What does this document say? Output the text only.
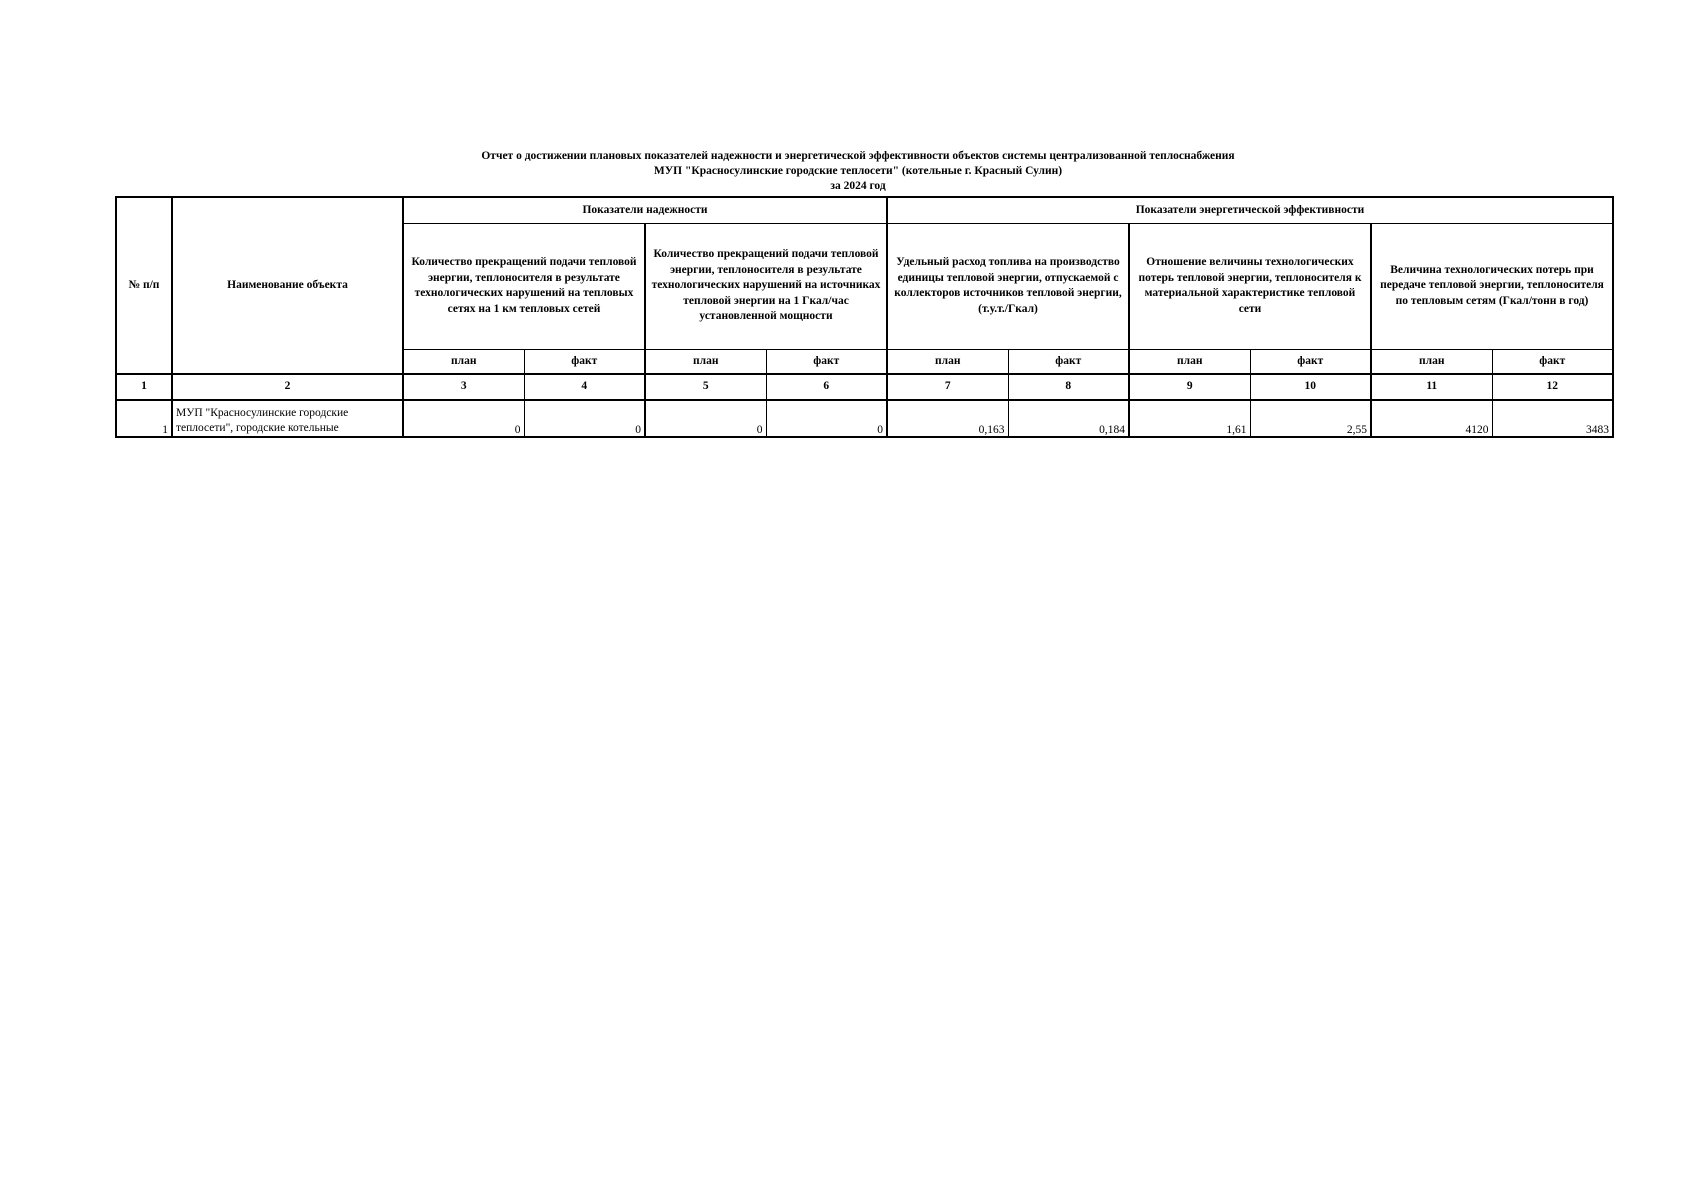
Отчет о достижении плановых показателей надежности и энергетической эффективности объектов системы централизованной теплоснабжения
МУП "Красносулинские городские теплосети" (котельные г. Красный Сулин)
за 2024 год
№ п/п	Наименование объекта	Показатели надежности				Показатели энергетической эффективности					
		Количество прекращений подачи тепловой энергии, теплоносителя в результате технологических нарушений на тепловых сетях на 1 км тепловых сетей		Количество прекращений подачи тепловой энергии, теплоносителя в результате технологических нарушений на источниках тепловой энергии на 1 Гкал/час установленной мощности		Удельный расход топлива на производство единицы тепловой энергии, отпускаемой с коллекторов источников тепловой энергии, (т.у.т./Гкал)		Отношение величины технологических потерь тепловой энергии, теплоносителя к материальной характеристике тепловой сети		Величина технологических потерь при передаче тепловой энергии, теплоносителя по тепловым сетям (Гкал/тонн в год)	
		план	факт	план	факт	план	факт	план	факт	план	факт
1	2	3	4	5	6	7	8	9	10	11	12
1	МУП "Красносулинские городские теплосети", городские котельные	0	0	0	0	0,163	0,184	1,61	2,55	4120	3483
